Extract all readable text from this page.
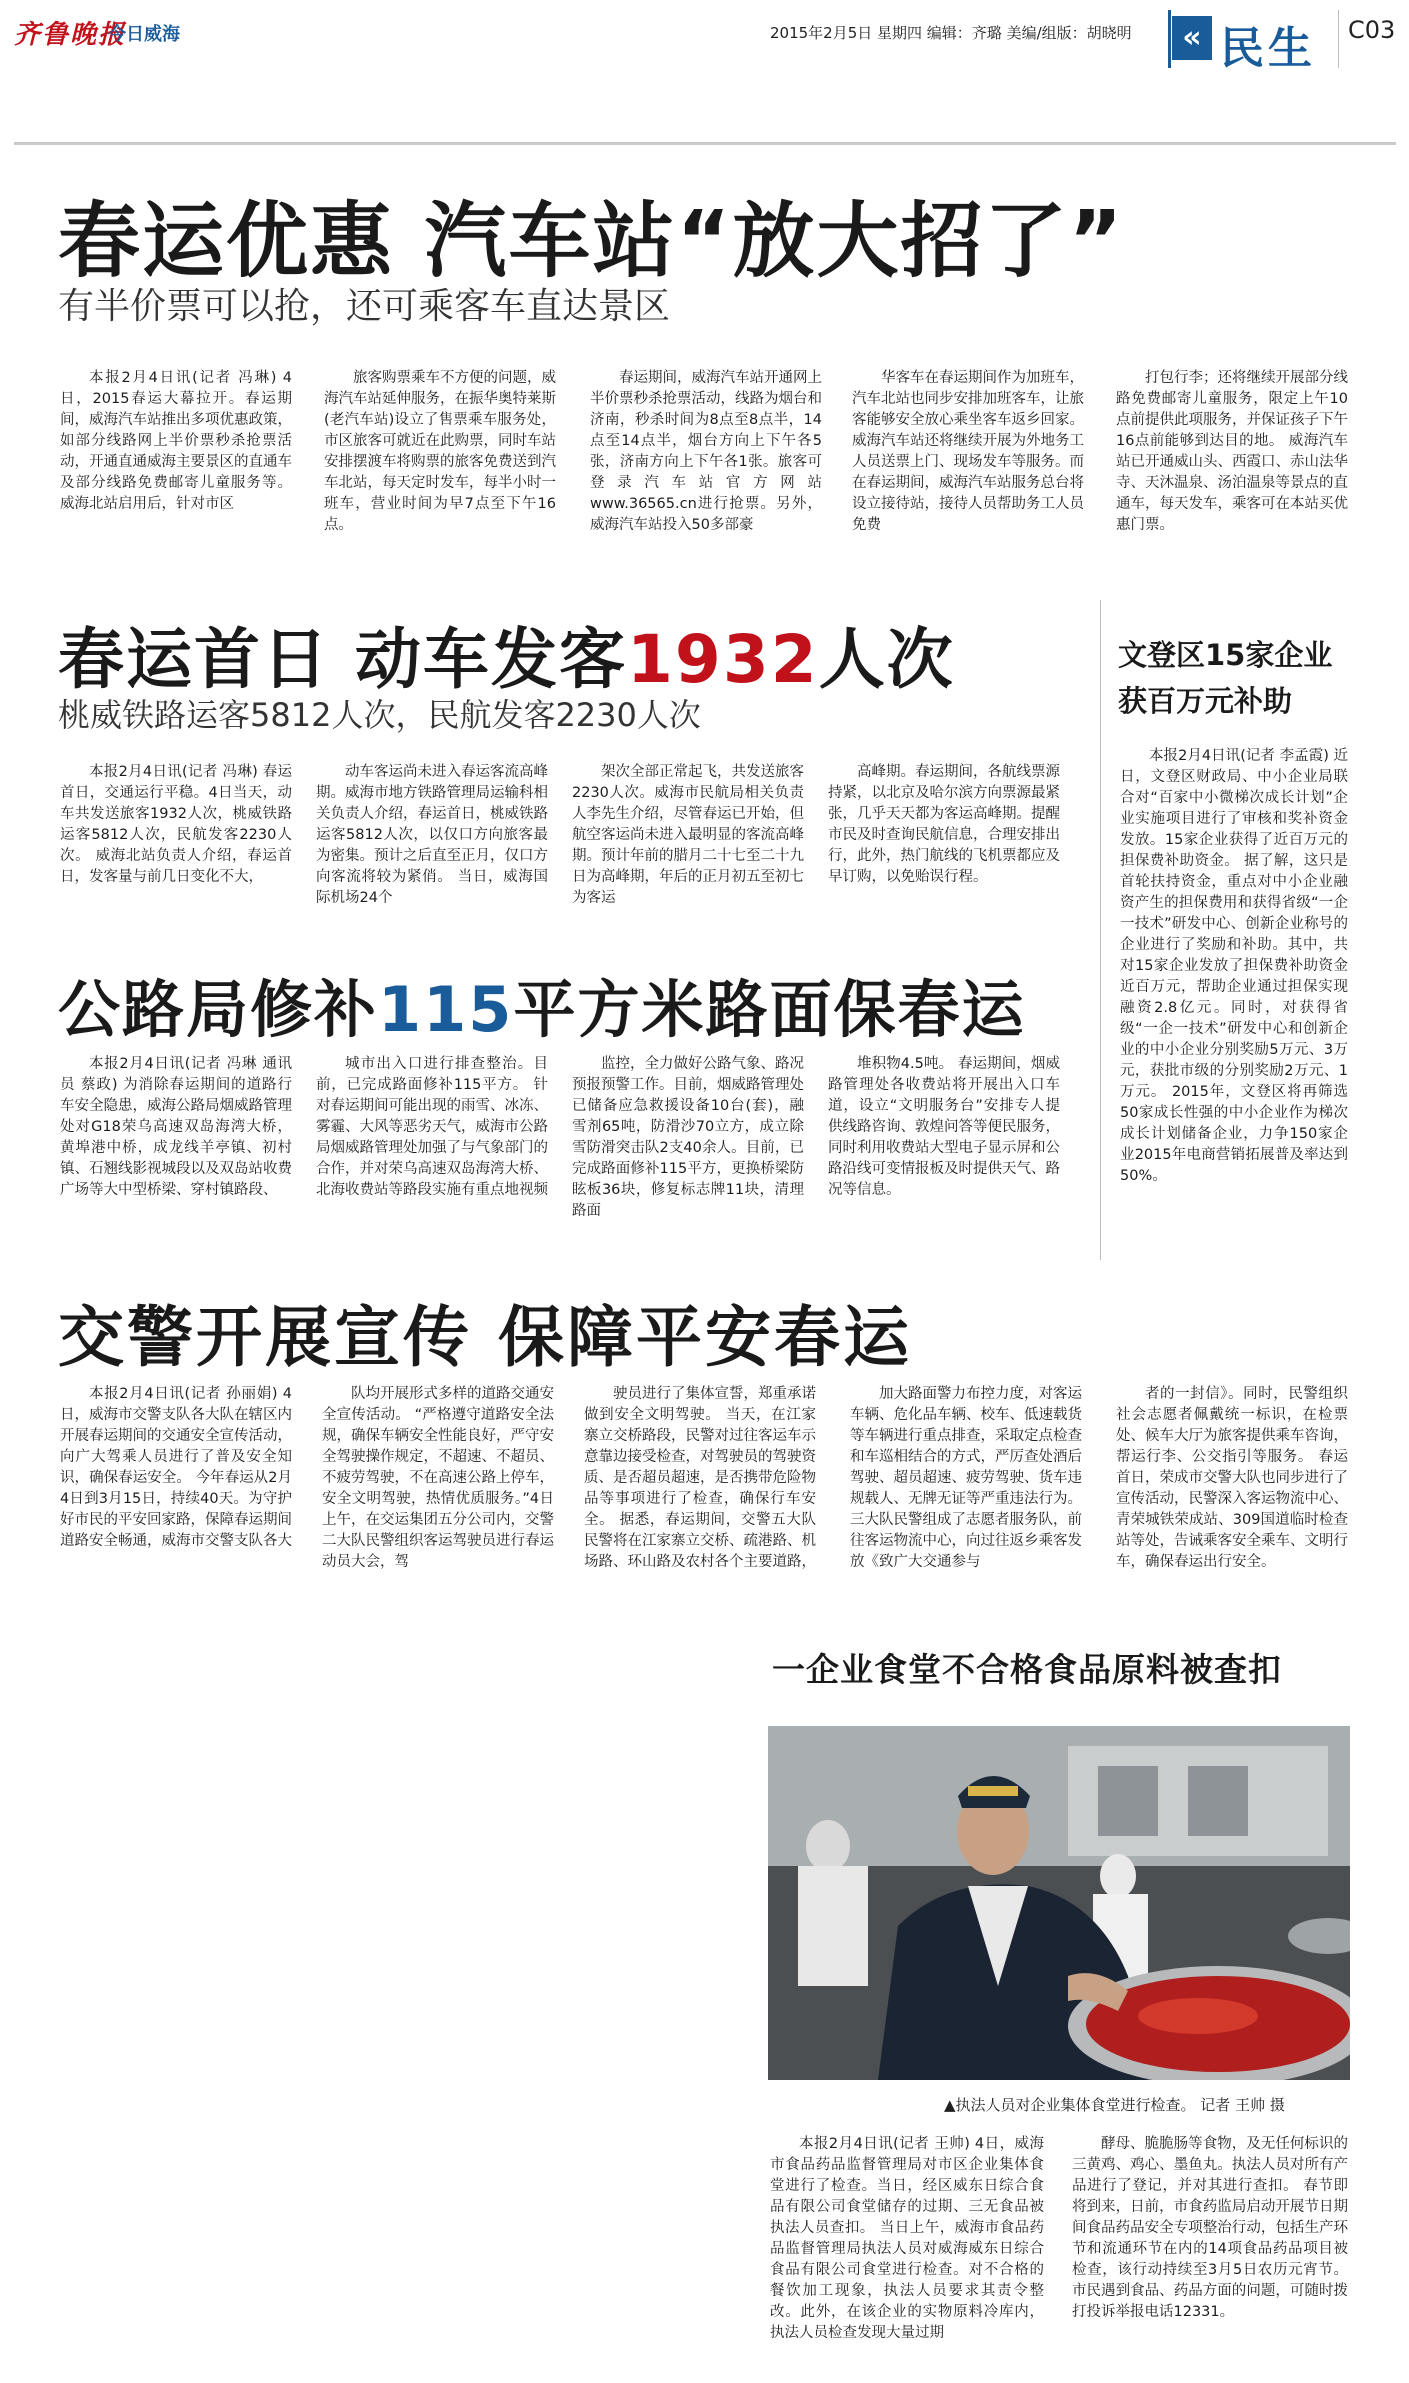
齐鲁晚报
今日威海	2015年2月5日 星期四 编辑：齐璐 美编/组版：胡晓明	« 民生 C03
春运优惠 汽车站“放大招了”
有半价票可以抢，还可乘客车直达景区

本报2月4日讯(记者 冯琳) 4日，2015春运大幕拉开。春运期间，威海汽车站推出多项优惠政策，如部分线路网上半价票秒杀抢票活动，开通直通威海主要景区的直通车及部分线路免费邮寄儿童服务等。 威海北站启用后，针对市区

旅客购票乘车不方便的问题，威海汽车站延伸服务，在振华奥特莱斯(老汽车站)设立了售票乘车服务处，市区旅客可就近在此购票，同时车站安排摆渡车将购票的旅客免费送到汽车北站，每天定时发车，每半小时一班车，营业时间为早7点至下午16点。

春运期间，威海汽车站开通网上半价票秒杀抢票活动，线路为烟台和济南，秒杀时间为8点至8点半，14点至14点半，烟台方向上下午各5张，济南方向上下午各1张。旅客可登录汽车站官方网站www.36565.cn进行抢票。另外，威海汽车站投入50多部豪

华客车在春运期间作为加班车，汽车北站也同步安排加班客车，让旅客能够安全放心乘坐客车返乡回家。威海汽车站还将继续开展为外地务工人员送票上门、现场发车等服务。而在春运期间，威海汽车站服务总台将设立接待站，接待人员帮助务工人员免费

打包行李；还将继续开展部分线路免费邮寄儿童服务，限定上午10点前提供此项服务，并保证孩子下午16点前能够到达目的地。 威海汽车站已开通威山头、西霞口、赤山法华寺、天沐温泉、汤泊温泉等景点的直通车，每天发车，乘客可在本站买优惠门票。

春运首日 动车发客1932人次
桃威铁路运客5812人次，民航发客2230人次

本报2月4日讯(记者 冯琳) 春运首日，交通运行平稳。4日当天，动车共发送旅客1932人次，桃威铁路运客5812人次，民航发客2230人次。 威海北站负责人介绍，春运首日，发客量与前几日变化不大，

动车客运尚未进入春运客流高峰期。威海市地方铁路管理局运输科相关负责人介绍，春运首日，桃威铁路运客5812人次，以仅口方向旅客最为密集。预计之后直至正月，仅口方向客流将较为紧俏。 当日，威海国际机场24个

架次全部正常起飞，共发送旅客2230人次。威海市民航局相关负责人李先生介绍，尽管春运已开始，但航空客运尚未进入最明显的客流高峰期。预计年前的腊月二十七至二十九日为高峰期，年后的正月初五至初七为客运

高峰期。春运期间，各航线票源持紧，以北京及哈尔滨方向票源最紧张，几乎天天都为客运高峰期。提醒市民及时查询民航信息，合理安排出行，此外，热门航线的飞机票都应及早订购，以免贻误行程。

公路局修补115平方米路面保春运

本报2月4日讯(记者 冯琳 通讯员 蔡政) 为消除春运期间的道路行车安全隐患，威海公路局烟威路管理处对G18荣乌高速双岛海湾大桥，黄埠港中桥，成龙线羊亭镇、初村镇、石翘线影视城段以及双岛站收费广场等大中型桥梁、穿村镇路段、

城市出入口进行排查整治。目前，已完成路面修补115平方。 针对春运期间可能出现的雨雪、冰冻、雾霾、大风等恶劣天气，威海市公路局烟威路管理处加强了与气象部门的合作，并对荣乌高速双岛海湾大桥、北海收费站等路段实施有重点地视频

监控，全力做好公路气象、路况预报预警工作。目前，烟威路管理处已储备应急救援设备10台(套)，融雪剂65吨，防滑沙70立方，成立除雪防滑突击队2支40余人。目前，已完成路面修补115平方，更换桥梁防眩板36块，修复标志牌11块，清理路面

堆积物4.5吨。 春运期间，烟威路管理处各收费站将开展出入口车道，设立“文明服务台”安排专人提供线路咨询、敦煌问答等便民服务，同时利用收费站大型电子显示屏和公路沿线可变情报板及时提供天气、路况等信息。

文登区15家企业获百万元补助

本报2月4日讯(记者 李孟霞) 近日，文登区财政局、中小企业局联合对“百家中小微梯次成长计划”企业实施项目进行了审核和奖补资金发放。15家企业获得了近百万元的担保费补助资金。 据了解，这只是首轮扶持资金，重点对中小企业融资产生的担保费用和获得省级“一企一技术”研发中心、创新企业称号的企业进行了奖励和补助。其中，共对15家企业发放了担保费补助资金近百万元，帮助企业通过担保实现融资2.8亿元。同时，对获得省级“一企一技术”研发中心和创新企业的中小企业分别奖励5万元、3万元，获批市级的分别奖励2万元、1万元。 2015年，文登区将再筛选50家成长性强的中小企业作为梯次成长计划储备企业，力争150家企业2015年电商营销拓展普及率达到50%。

交警开展宣传 保障平安春运

本报2月4日讯(记者 孙丽娟) 4日，威海市交警支队各大队在辖区内开展春运期间的交通安全宣传活动，向广大驾乘人员进行了普及安全知识，确保春运安全。 今年春运从2月4日到3月15日，持续40天。为守护好市民的平安回家路，保障春运期间道路安全畅通，威海市交警支队各大

队均开展形式多样的道路交通安全宣传活动。 “严格遵守道路安全法规，确保车辆安全性能良好，严守安全驾驶操作规定，不超速、不超员、不疲劳驾驶，不在高速公路上停车，安全文明驾驶，热情优质服务。”4日上午，在交运集团五分公司内，交警二大队民警组织客运驾驶员进行春运动员大会，驾

驶员进行了集体宣誓，郑重承诺做到安全文明驾驶。 当天，在江家寨立交桥路段，民警对过往客运车示意靠边接受检查，对驾驶员的驾驶资质、是否超员超速，是否携带危险物品等事项进行了检查，确保行车安全。 据悉，春运期间，交警五大队民警将在江家寨立交桥、疏港路、机场路、环山路及农村各个主要道路，

加大路面警力布控力度，对客运车辆、危化品车辆、校车、低速载货等车辆进行重点排查，采取定点检查和车巡相结合的方式，严厉查处酒后驾驶、超员超速、疲劳驾驶、货车违规载人、无牌无证等严重违法行为。 三大队民警组成了志愿者服务队，前往客运物流中心，向过往返乡乘客发放《致广大交通参与

者的一封信》。同时，民警组织社会志愿者佩戴统一标识，在检票处、候车大厅为旅客提供乘车咨询，帮运行李、公交指引等服务。 春运首日，荣成市交警大队也同步进行了宣传活动，民警深入客运物流中心、青荣城铁荣成站、309国道临时检查站等处，告诫乘客安全乘车、文明行车，确保春运出行安全。

一企业食堂不合格食品原料被查扣
▲执法人员对企业集体食堂进行检查。 记者 王帅 摄

本报2月4日讯(记者 王帅) 4日，威海市食品药品监督管理局对市区企业集体食堂进行了检查。当日，经区威东日综合食品有限公司食堂储存的过期、三无食品被执法人员查扣。 当日上午，威海市食品药品监督管理局执法人员对威海威东日综合食品有限公司食堂进行检查。对不合格的餐饮加工现象，执法人员要求其责令整改。此外，在该企业的实物原料冷库内，执法人员检查发现大量过期

酵母、脆脆肠等食物，及无任何标识的三黄鸡、鸡心、墨鱼丸。执法人员对所有产品进行了登记，并对其进行查扣。 春节即将到来，日前，市食药监局启动开展节日期间食品药品安全专项整治行动，包括生产环节和流通环节在内的14项食品药品项目被检查，该行动持续至3月5日农历元宵节。市民遇到食品、药品方面的问题，可随时拨打投诉举报电话12331。
